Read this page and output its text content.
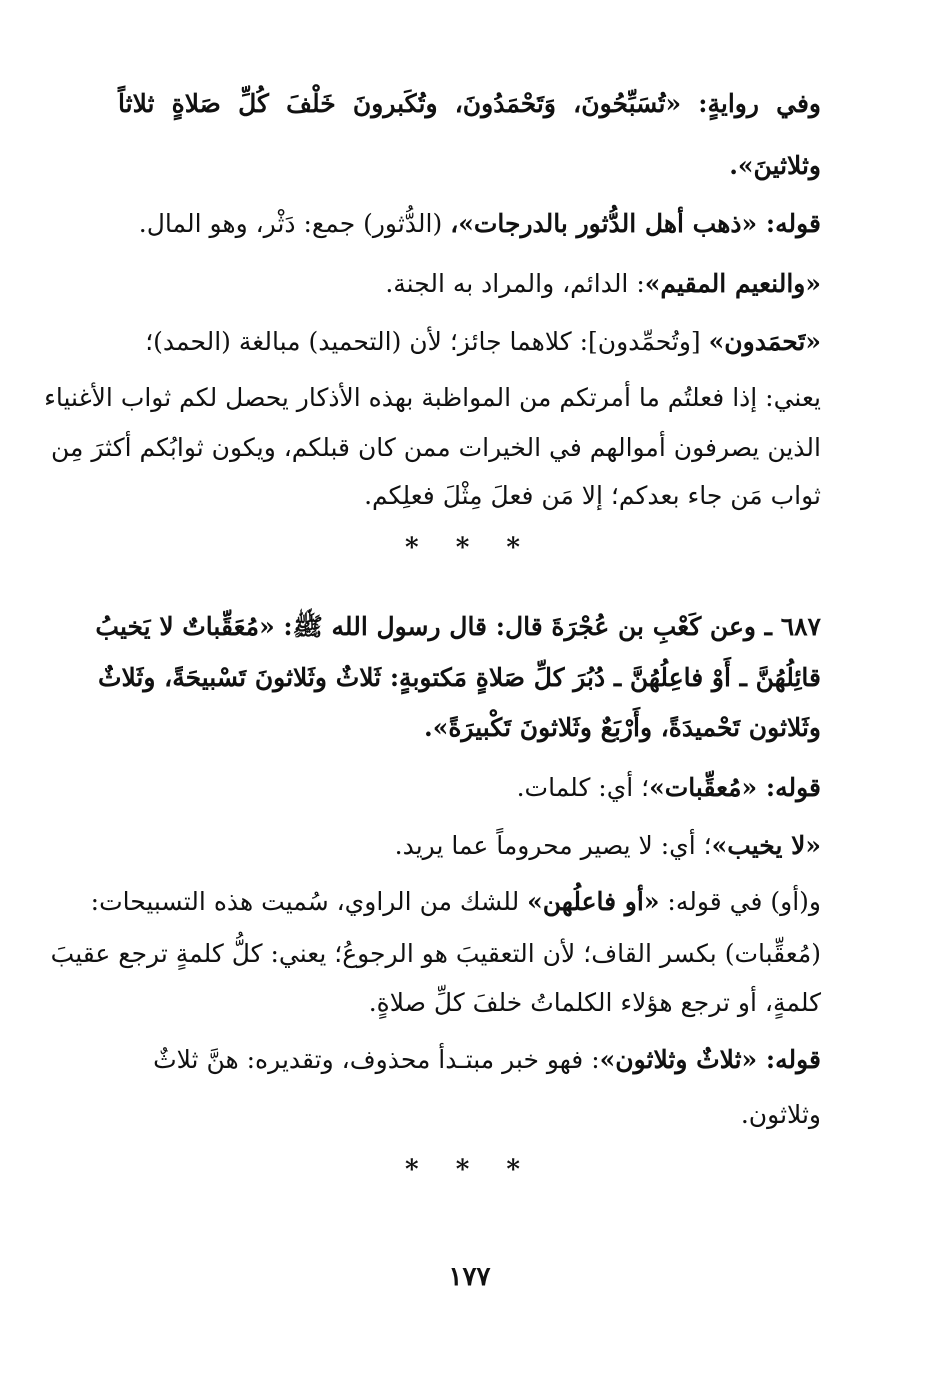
وفي روايةٍ: «تُسَبِّحُونَ، وَتَحْمَدُونَ، وتُكَبرونَ خَلْفَ كُلِّ صَلاةٍ ثلاثاً
وثلاثينَ».
قوله: «ذهب أهل الدُّثور بالدرجات»، (الدُّثور) جمع: دَثْر، وهو المال.
«والنعيم المقيم»: الدائم، والمراد به الجنة.
«تَحمَدون» [وتُحمِّدون]: كلاهما جائز؛ لأن (التحميد) مبالغة (الحمد)؛
يعني: إذا فعلتُم ما أمرتكم من المواظبة بهذه الأذكار يحصل لكم ثواب الأغنياء
الذين يصرفون أموالهم في الخيرات ممن كان قبلكم، ويكون ثوابُكم أكثرَ مِن
ثواب مَن جاء بعدكم؛ إلا مَن فعلَ مِثْلَ فعلِكم.
* * *
٦٨٧ ـ وعن كَعْبِ بن عُجْرَةَ قال: قال رسول الله ﷺ: «مُعَقِّباتٌ لا يَخيبُ
قائِلُهُنَّ ـ أَوْ فاعِلُهُنَّ ـ دُبُرَ كلِّ صَلاةٍ مَكتوبةٍ: ثَلاثٌ وثَلاثونَ تَسْبيحَةً، وثَلاثٌ
وثَلاثون تَحْميدَةً، وأَرْبَعٌ وثَلاثونَ تَكْبيرَةً».
قوله: «مُعقِّبات»؛ أي: كلمات.
«لا يخيب»؛ أي: لا يصير محروماً عما يريد.
و(أو) في قوله: «أو فاعلُهن» للشك من الراوي، سُميت هذه التسبيحات:
(مُعقِّبات) بكسر القاف؛ لأن التعقيبَ هو الرجوعُ؛ يعني: كلُّ كلمةٍ ترجع عقيبَ
كلمةٍ، أو ترجع هؤلاء الكلماتُ خلفَ كلِّ صلاةٍ.
قوله: «ثلاثٌ وثلاثون»: فهو خبر مبتـدأ محذوف، وتقديره: هنَّ ثلاثٌ
وثلاثون.
* * *
١٧٧
